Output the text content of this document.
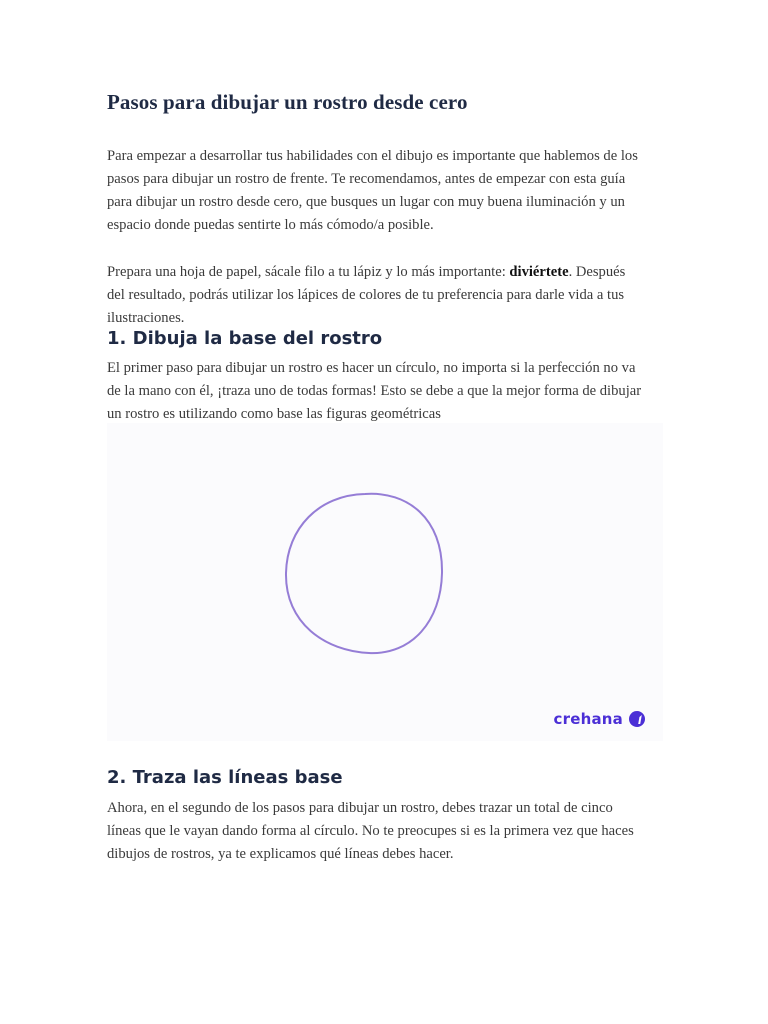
Pasos para dibujar un rostro desde cero

Para empezar a desarrollar tus habilidades con el dibujo es importante que hablemos de los
pasos para dibujar un rostro de frente. Te recomendamos, antes de empezar con esta guía
para dibujar un rostro desde cero, que busques un lugar con muy buena iluminación y un
espacio donde puedas sentirte lo más cómodo/a posible.

Prepara una hoja de papel, sácale filo a tu lápiz y lo más importante: diviértete. Después
del resultado, podrás utilizar los lápices de colores de tu preferencia para darle vida a tus
ilustraciones.

1. Dibuja la base del rostro

El primer paso para dibujar un rostro es hacer un círculo, no importa si la perfección no va
de la mano con él, ¡traza uno de todas formas! Esto se debe a que la mejor forma de dibujar
un rostro es utilizando como base las figuras geométricas

crehana
2. Traza las líneas base

Ahora, en el segundo de los pasos para dibujar un rostro, debes trazar un total de cinco
líneas que le vayan dando forma al círculo. No te preocupes si es la primera vez que haces
dibujos de rostros, ya te explicamos qué líneas debes hacer.
